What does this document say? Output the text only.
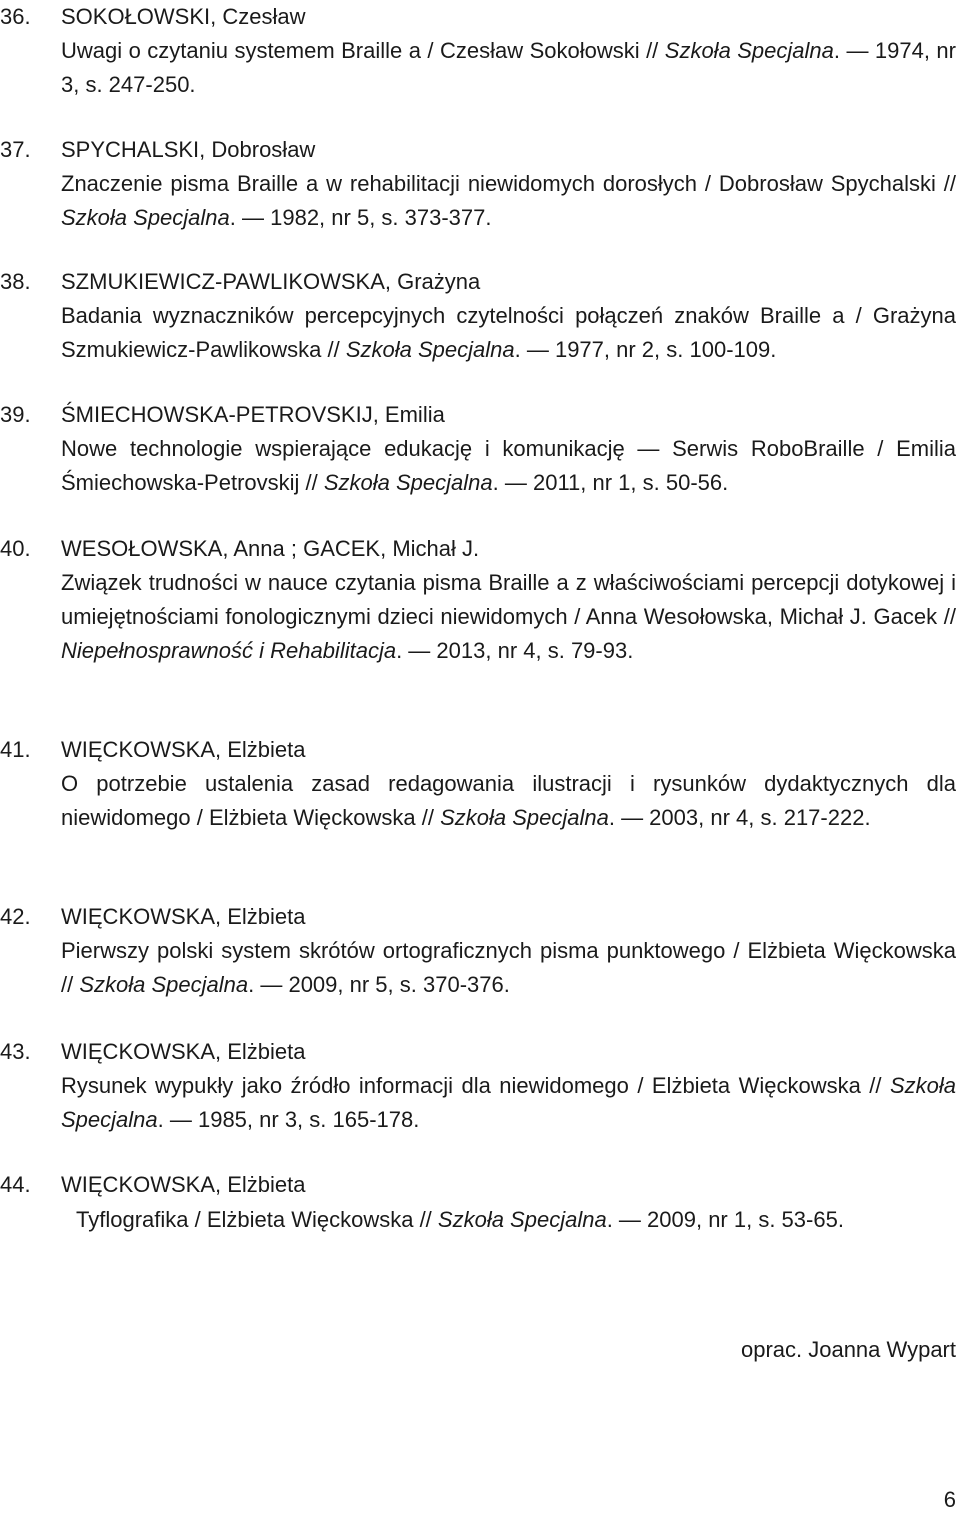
36. SOKOŁOWSKI, Czesław
Uwagi o czytaniu systemem Braille a / Czesław Sokołowski // Szkoła Specjalna. — 1974, nr 3, s. 247-250.
37. SPYCHALSKI, Dobrosław
Znaczenie pisma Braille a w rehabilitacji niewidomych dorosłych / Dobrosław Spychalski // Szkoła Specjalna. — 1982, nr 5, s. 373-377.
38. SZMUKIEWICZ-PAWLIKOWSKA, Grażyna
Badania wyznaczników percepcyjnych czytelności połączeń znaków Braille a / Grażyna Szmukiewicz-Pawlikowska // Szkoła Specjalna. — 1977, nr 2, s. 100-109.
39. ŚMIECHOWSKA-PETROVSKIJ, Emilia
Nowe technologie wspierające edukację i komunikację — Serwis RoboBraille / Emilia Śmiechowska-Petrovskij // Szkoła Specjalna. — 2011, nr 1, s. 50-56.
40. WESOŁOWSKA, Anna ; GACEK, Michał J.
Związek trudności w nauce czytania pisma Braille a z właściwościami percepcji dotykowej i umiejętnościami fonologicznymi dzieci niewidomych / Anna Wesołowska, Michał J. Gacek // Niepełnosprawność i Rehabilitacja. — 2013, nr 4, s. 79-93.
41. WIĘCKOWSKA, Elżbieta
O potrzebie ustalenia zasad redagowania ilustracji i rysunków dydaktycznych dla niewidomego / Elżbieta Więckowska // Szkoła Specjalna. — 2003, nr 4, s. 217-222.
42. WIĘCKOWSKA, Elżbieta
Pierwszy polski system skrótów ortograficznych pisma punktowego / Elżbieta Więckowska // Szkoła Specjalna. — 2009, nr 5, s. 370-376.
43. WIĘCKOWSKA, Elżbieta
Rysunek wypukły jako źródło informacji dla niewidomego / Elżbieta Więckowska // Szkoła Specjalna. — 1985, nr 3, s. 165-178.
44. WIĘCKOWSKA, Elżbieta
Tyflografika / Elżbieta Więckowska // Szkoła Specjalna. — 2009, nr 1, s. 53-65.
oprac. Joanna Wypart
6
